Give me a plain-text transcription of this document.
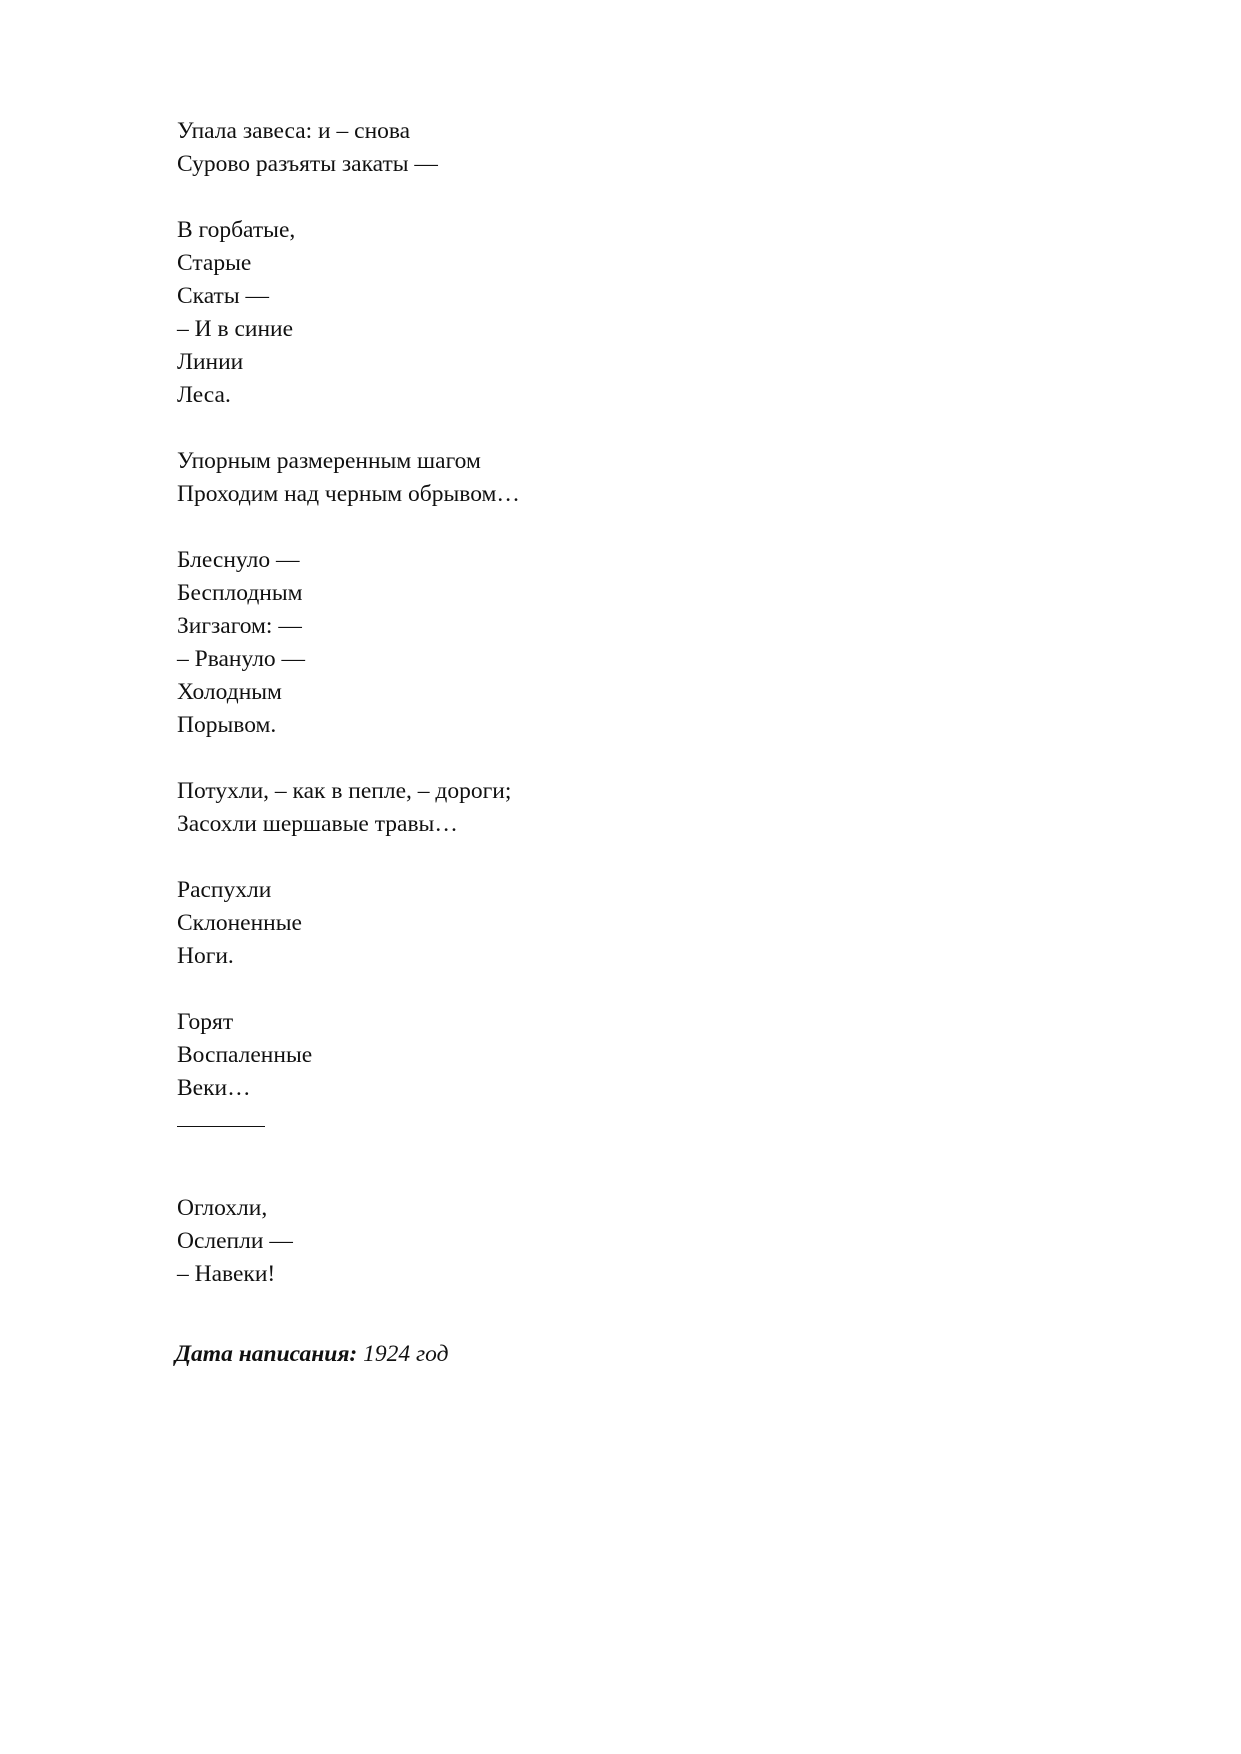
Упала завеса: и – снова
Сурово разъяты закаты —
В горбатые,
Старые
Скаты —
– И в синие
Линии
Леса.
Упорным размеренным шагом
Проходим над черным обрывом…
Блеснуло —
Бесплодным
Зигзагом: —
– Рвануло —
Холодным
Порывом.
Потухли, – как в пепле, – дороги;
Засохли шершавые травы…
Распухли
Склоненные
Ноги.
Горят
Воспаленные
Веки…
Оглохли,
Ослепли —
– Навеки!
Дата написания: 1924 год
